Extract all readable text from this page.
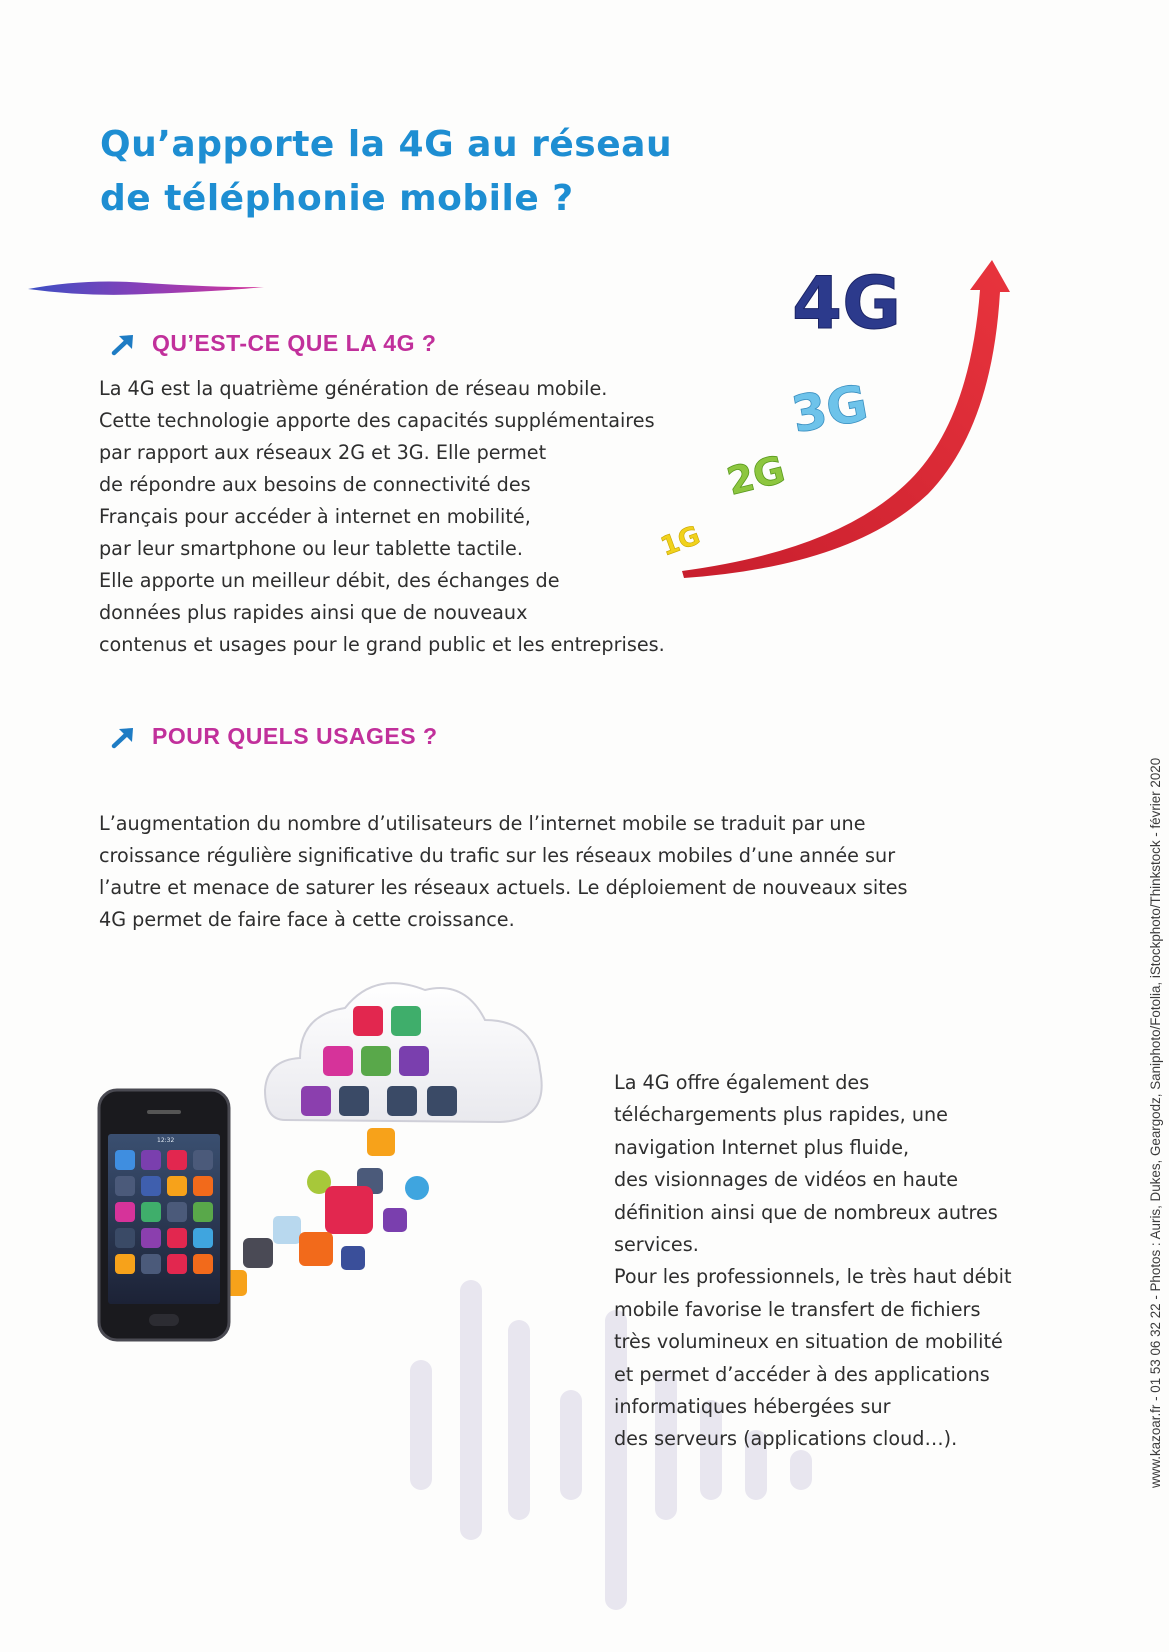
Qu’apporte la 4G au réseau
de téléphonie mobile ?
QU’EST-CE QUE LA 4G ?
La 4G est la quatrième génération de réseau mobile.
Cette technologie apporte des capacités supplémentaires
par rapport aux réseaux 2G et 3G. Elle permet
de répondre aux besoins de connectivité des
Français pour accéder à internet en mobilité,
par leur smartphone ou leur tablette tactile.
Elle apporte un meilleur débit, des échanges de
données plus rapides ainsi que de nouveaux
contenus et usages pour le grand public et les entreprises.
1G
2G
3G
4G
POUR QUELS USAGES ?
L’augmentation du nombre d’utilisateurs de l’internet mobile se traduit par une
croissance régulière significative du trafic sur les réseaux mobiles d’une année sur
l’autre et menace de saturer les réseaux actuels. Le déploiement de nouveaux sites
4G permet de faire face à cette croissance.
12:32
La 4G offre également des
téléchargements plus rapides, une
navigation Internet plus fluide,
des visionnages de vidéos en haute
définition ainsi que de nombreux autres
services.
Pour les professionnels, le très haut débit
mobile favorise le transfert de fichiers
très volumineux en situation de mobilité
et permet d’accéder à des applications
informatiques hébergées sur
des serveurs (applications cloud…).	www.kazoar.fr - 01 53 06 32 22 - Photos : Auris, Dukes, Geargodz, Saniphoto/Fotolia, iStockphoto/Thinkstock - février 2020
